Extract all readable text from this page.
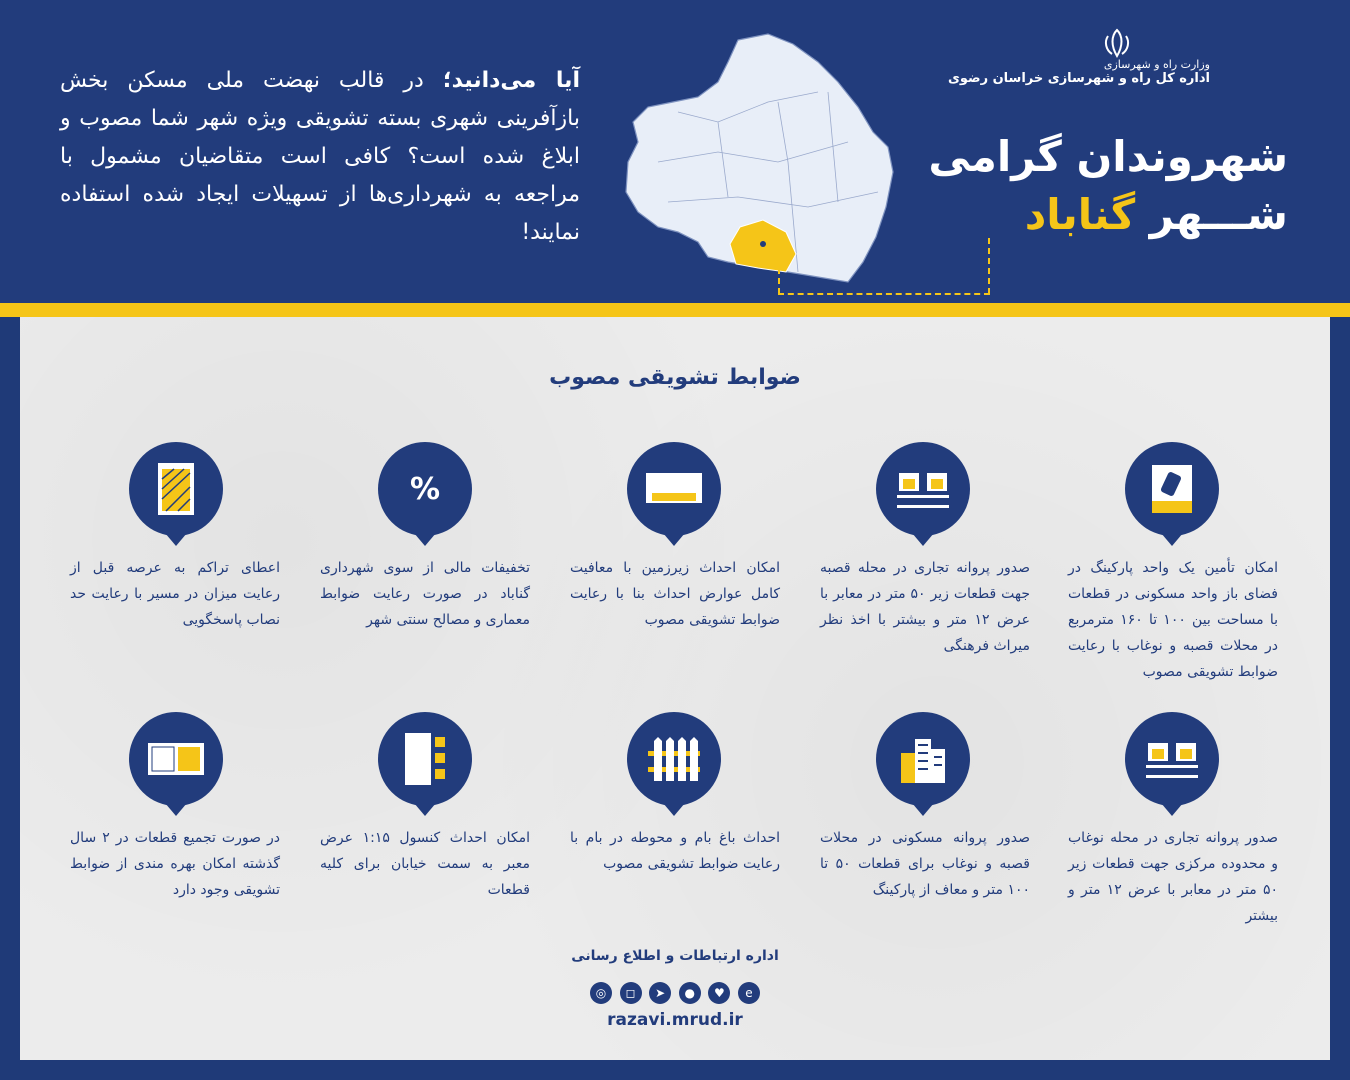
آیا می‌دانید؛ در قالب نهضت ملی مسکن بخش بازآفرینی شهری بسته تشویقی ویژه شهر شما مصوب و ابلاغ شده است؟ کافی است متقاضیان مشمول با مراجعه به شهرداری‌ها از تسهیلات ایجاد شده استفاده نمایند!
وزارت راه و شهرسازی
اداره کل راه و شهرسازی خراسان رضوی
شهروندان گرامی
شـــهر گناباد
ضوابط تشویقی مصوب
%
امکان تأمین یک واحد پارکینگ در فضای باز واحد مسکونی در قطعات با مساحت بین ۱۰۰ تا ۱۶۰ مترمربع در محلات قصبه و نوغاب با رعایت ضوابط تشویقی مصوب
صدور پروانه تجاری در محله قصبه جهت قطعات زیر ۵۰ متر در معابر با عرض ۱۲ متر و بیشتر با اخذ نظر میراث فرهنگی
امکان احداث زیرزمین با معافیت کامل عوارض احداث بنا با رعایت ضوابط تشویقی مصوب
تخفیفات مالی از سوی شهرداری گناباد در صورت رعایت ضوابط معماری و مصالح سنتی شهر
اعطای تراکم به عرصه قبل از رعایت میزان در مسیر با رعایت حد نصاب پاسخگویی
صدور پروانه تجاری در محله نوغاب و محدوده مرکزی جهت قطعات زیر ۵۰ متر در معابر با عرض ۱۲ متر و بیشتر
صدور پروانه مسکونی در محلات قصبه و نوغاب برای قطعات ۵۰ تا ۱۰۰ متر و معاف از پارکینگ
احداث باغ بام و محوطه در بام با رعایت ضوابط تشویقی مصوب
امکان احداث کنسول ۱:۱۵ عرض معبر به سمت خیابان برای کلیه قطعات
در صورت تجمیع قطعات در ۲ سال گذشته امکان بهره مندی از ضوابط تشویقی وجود دارد
اداره ارتباطات و اطلاع رسانی
◎	◻	➤	●	♥	e
razavi.mrud.ir
